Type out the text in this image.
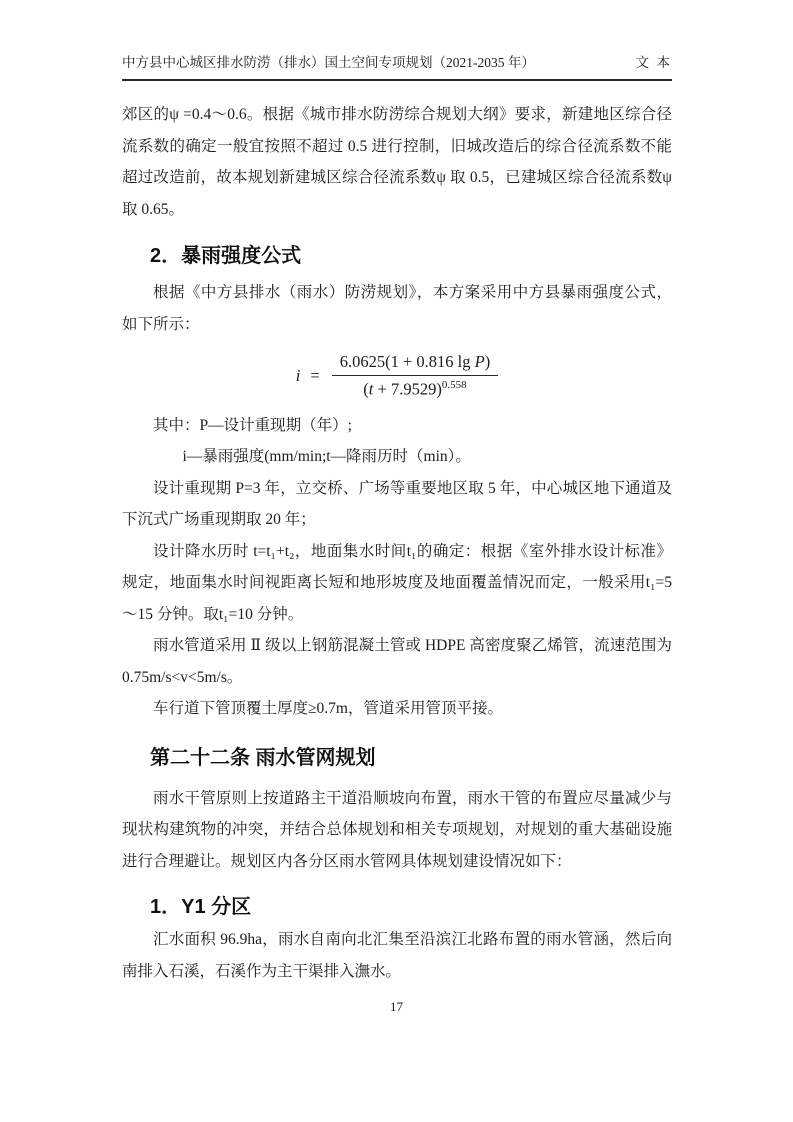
中方县中心城区排水防涝（排水）国土空间专项规划（2021-2035 年）	文 本

郊区的ψ =0.4～0.6。根据《城市排水防涝综合规划大纲》要求，新建地区综合径流系数的确定一般宜按照不超过 0.5 进行控制，旧城改造后的综合径流系数不能超过改造前，故本规划新建城区综合径流系数ψ 取 0.5，已建城区综合径流系数ψ 取 0.65。

2．暴雨强度公式

根据《中方县排水（雨水）防涝规划》，本方案采用中方县暴雨强度公式，如下所示：

$i = \frac{\text{6.0625(1 + 0.816 lg P)}}{(t + 7.9529)^{0.558}}$

其中：P—设计重现期（年）;

i—暴雨强度(mm/min;t—降雨历时（min）。

设计重现期 P=3 年，立交桥、广场等重要地区取 5 年，中心城区地下通道及下沉式广场重现期取 20 年；

设计降水历时 t=t₁+t₂，地面集水时间t₁的确定：根据《室外排水设计标准》规定，地面集水时间视距离长短和地形坡度及地面覆盖情况而定，一般采用t₁=5～15 分钟。取t₁=10 分钟。

雨水管道采用 Ⅱ 级以上钢筋混凝土管或 HDPE 高密度聚乙烯管，流速范围为 0.75m/s<v<5m/s。

车行道下管顶覆土厚度≥0.7m，管道采用管顶平接。

第二十二条 雨水管网规划

雨水干管原则上按道路主干道沿顺坡向布置，雨水干管的布置应尽量减少与现状构建筑物的冲突，并结合总体规划和相关专项规划，对规划的重大基础设施进行合理避让。规划区内各分区雨水管网具体规划建设情况如下：

1．Y1 分区

汇水面积 96.9ha，雨水自南向北汇集至沿滨江北路布置的雨水管涵，然后向南排入石溪，石溪作为主干渠排入潕水。

17
